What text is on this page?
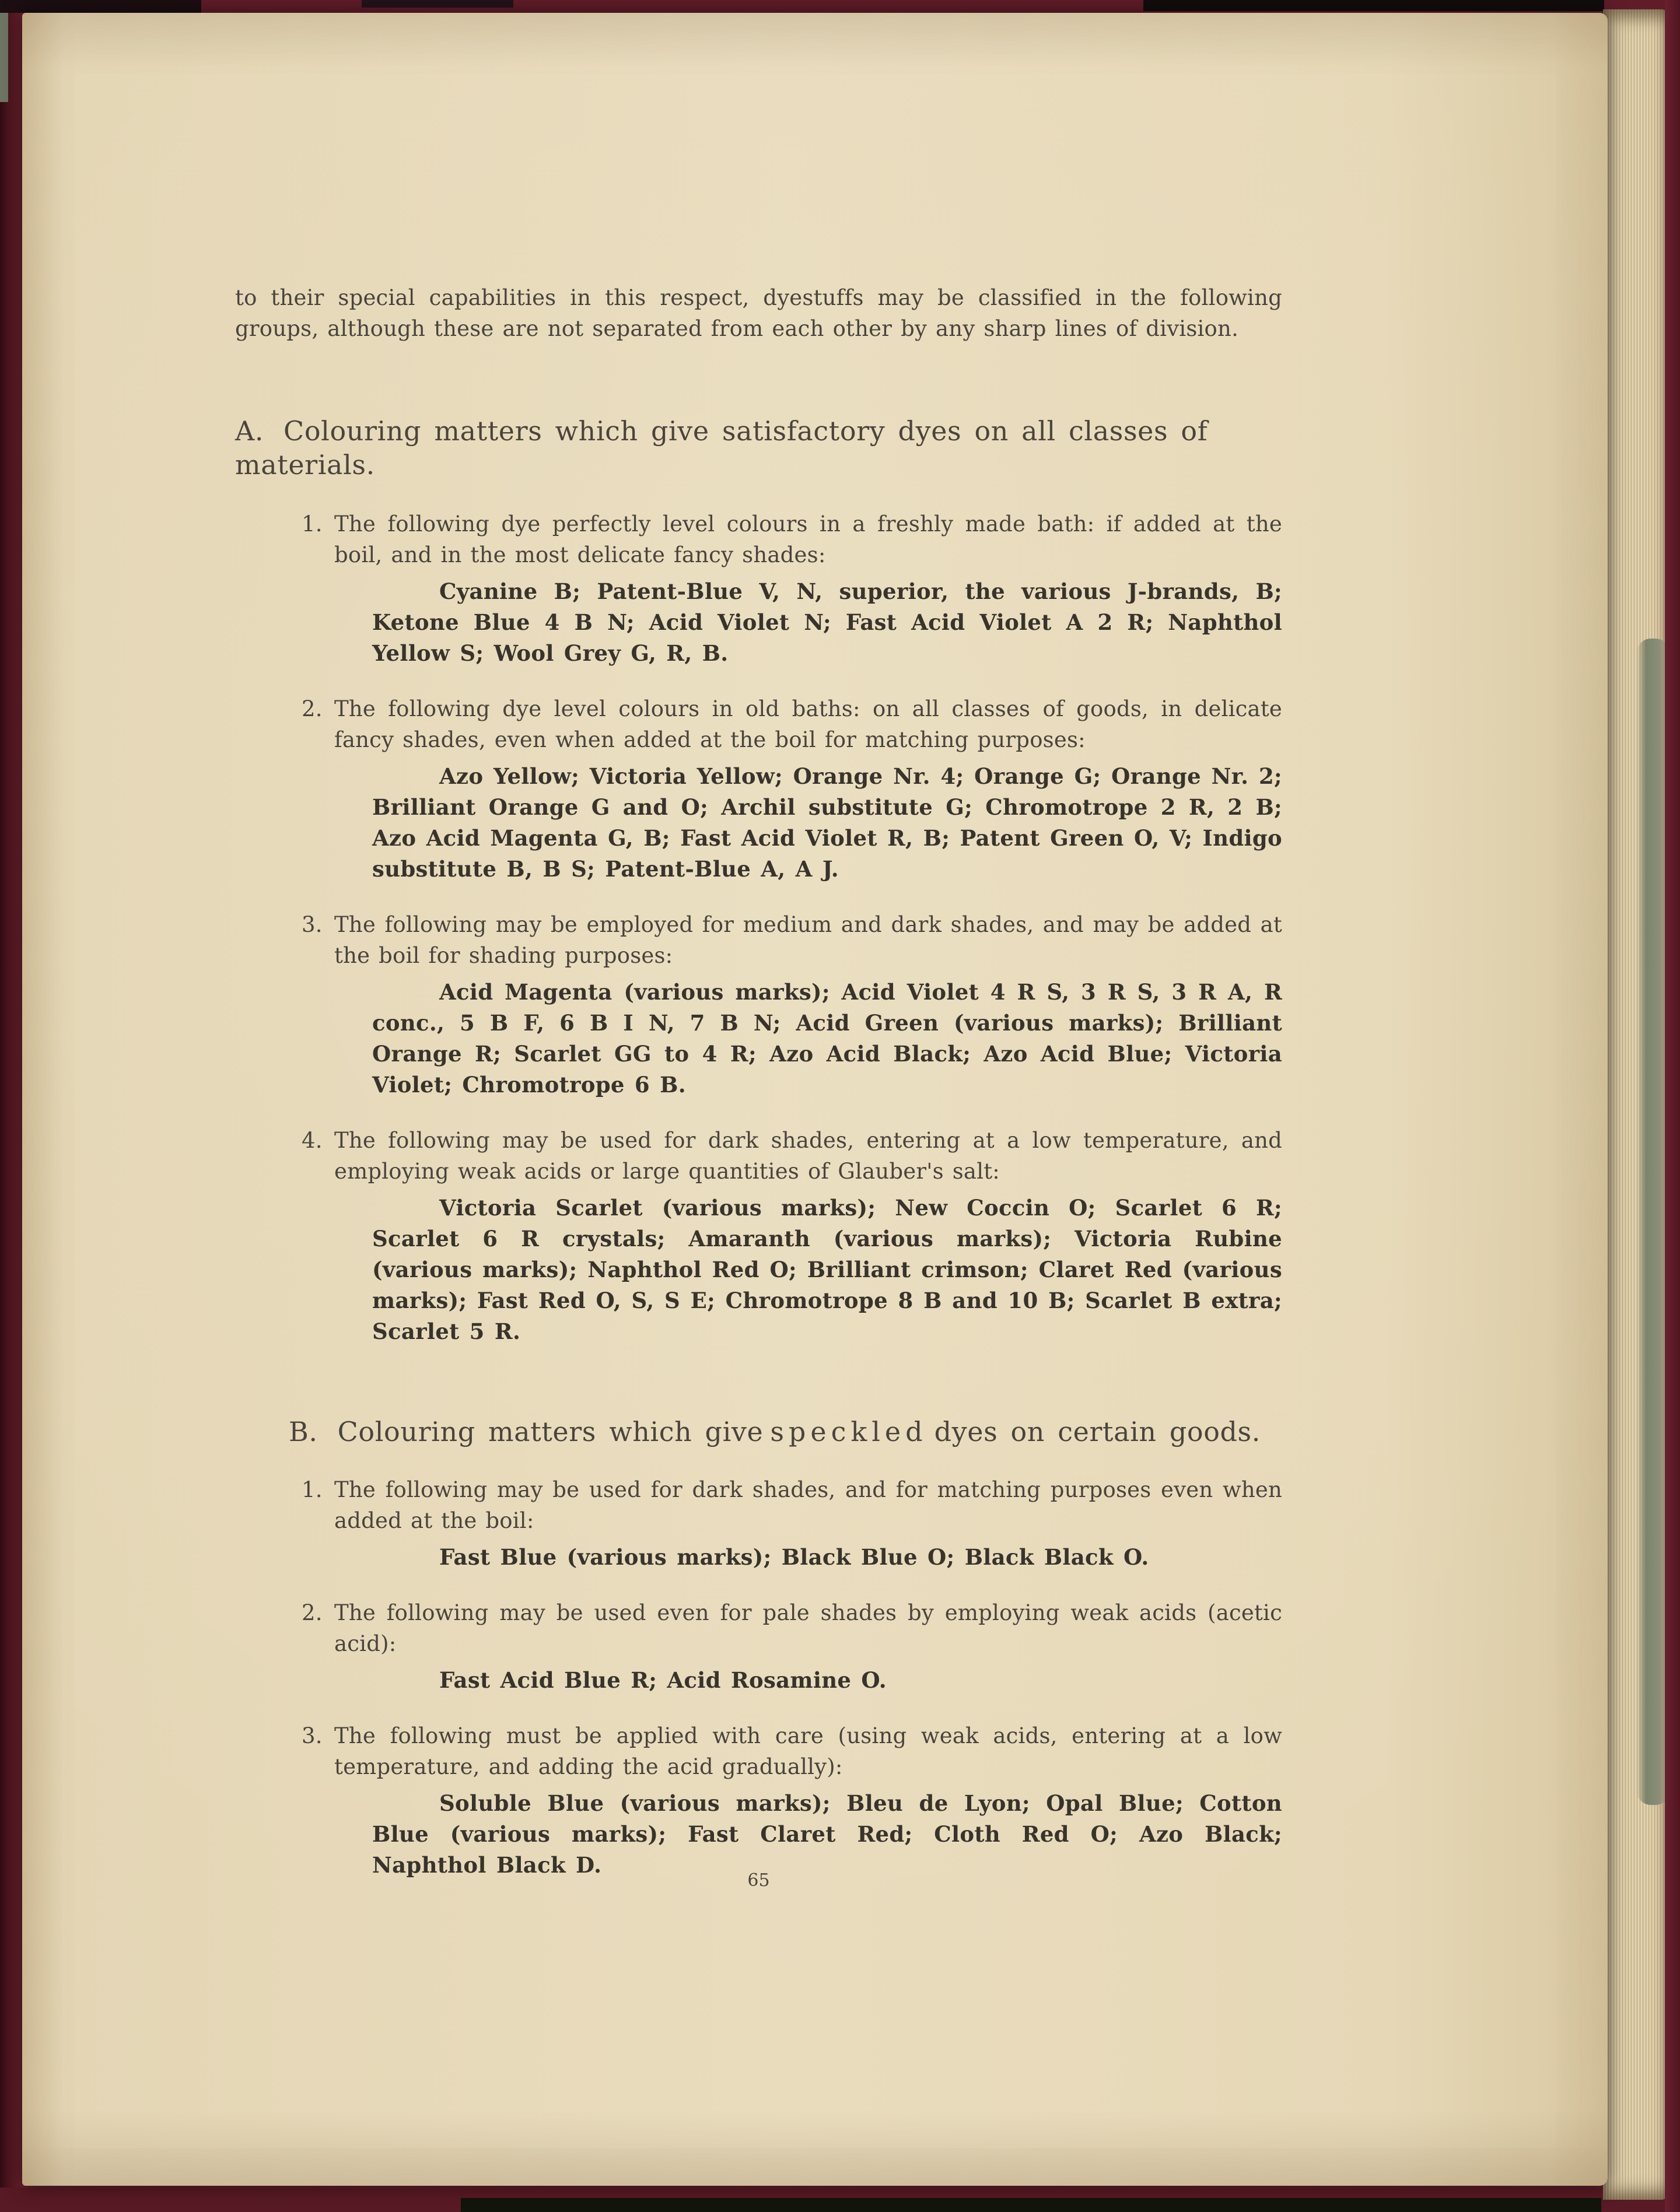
to their special capabilities in this respect, dyestuffs may be classified in the following groups, although these are not separated from each other by any sharp lines of division.

A. Colouring matters which give satisfactory dyes on all classes of materials.
1. The following dye perfectly level colours in a freshly made bath: if added at the boil, and in the most delicate fancy shades:

Cyanine B; Patent-Blue V, N, superior, the various J-brands, B; Ketone Blue 4 B N; Acid Violet N; Fast Acid Violet A 2 R; Naphthol Yellow S; Wool Grey G, R, B.

2. The following dye level colours in old baths: on all classes of goods, in delicate fancy shades, even when added at the boil for matching purposes:

Azo Yellow; Victoria Yellow; Orange Nr. 4; Orange G; Orange Nr. 2; Brilliant Orange G and O; Archil substitute G; Chromotrope 2 R, 2 B; Azo Acid Magenta G, B; Fast Acid Violet R, B; Patent Green O, V; Indigo substitute B, B S; Patent-Blue A, A J.

3. The following may be employed for medium and dark shades, and may be added at the boil for shading purposes:

Acid Magenta (various marks); Acid Violet 4 R S, 3 R S, 3 R A, R conc., 5 B F, 6 B I N, 7 B N; Acid Green (various marks); Brilliant Orange R; Scarlet GG to 4 R; Azo Acid Black; Azo Acid Blue; Victoria Violet; Chromotrope 6 B.

4. The following may be used for dark shades, entering at a low temperature, and employing weak acids or large quantities of Glauber's salt:

Victoria Scarlet (various marks); New Coccin O; Scarlet 6 R; Scarlet 6 R crystals; Amaranth (various marks); Victoria Rubine (various marks); Naphthol Red O; Brilliant crimson; Claret Red (various marks); Fast Red O, S, S E; Chromotrope 8 B and 10 B; Scarlet B extra; Scarlet 5 R.

B. Colouring matters which give speckled dyes on certain goods.
1. The following may be used for dark shades, and for matching purposes even when added at the boil:

Fast Blue (various marks); Black Blue O; Black Black O.

2. The following may be used even for pale shades by employing weak acids (acetic acid):

Fast Acid Blue R; Acid Rosamine O.

3. The following must be applied with care (using weak acids, entering at a low temperature, and adding the acid gradually):

Soluble Blue (various marks); Bleu de Lyon; Opal Blue; Cotton Blue (various marks); Fast Claret Red; Cloth Red O; Azo Black; Naphthol Black D.

65
